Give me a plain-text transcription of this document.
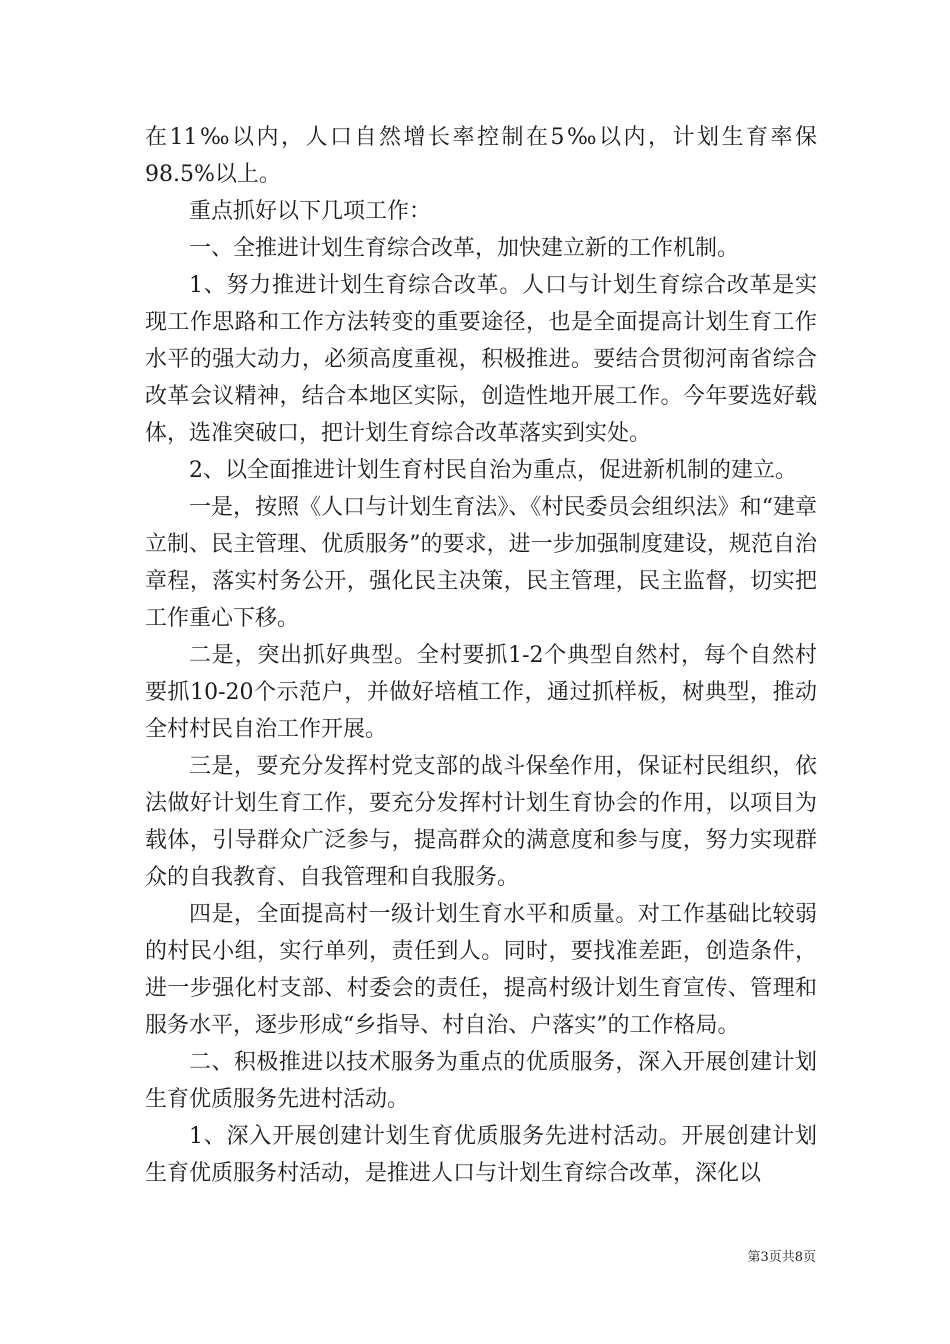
在11‰以内，人口自然增长率控制在5‰以内，计划生育率保98.5%以上。

重点抓好以下几项工作：

一、全推进计划生育综合改革，加快建立新的工作机制。

1、努力推进计划生育综合改革。人口与计划生育综合改革是实现工作思路和工作方法转变的重要途径，也是全面提高计划生育工作水平的强大动力，必须高度重视，积极推进。要结合贯彻河南省综合改革会议精神，结合本地区实际，创造性地开展工作。今年要选好载体，选准突破口，把计划生育综合改革落实到实处。

2、以全面推进计划生育村民自治为重点，促进新机制的建立。

一是，按照《人口与计划生育法》、《村民委员会组织法》和“建章立制、民主管理、优质服务”的要求，进一步加强制度建设，规范自治章程，落实村务公开，强化民主决策，民主管理，民主监督，切实把工作重心下移。

二是，突出抓好典型。全村要抓1-2个典型自然村，每个自然村要抓10-20个示范户，并做好培植工作，通过抓样板，树典型，推动全村村民自治工作开展。

三是，要充分发挥村党支部的战斗保垒作用，保证村民组织，依法做好计划生育工作，要充分发挥村计划生育协会的作用，以项目为载体，引导群众广泛参与，提高群众的满意度和参与度，努力实现群众的自我教育、自我管理和自我服务。

四是，全面提高村一级计划生育水平和质量。对工作基础比较弱的村民小组，实行单列，责任到人。同时，要找准差距，创造条件，进一步强化村支部、村委会的责任，提高村级计划生育宣传、管理和服务水平，逐步形成“乡指导、村自治、户落实”的工作格局。

二、积极推进以技术服务为重点的优质服务，深入开展创建计划生育优质服务先进村活动。

1、深入开展创建计划生育优质服务先进村活动。开展创建计划生育优质服务村活动，是推进人口与计划生育综合改革，深化以

第3页共8页
